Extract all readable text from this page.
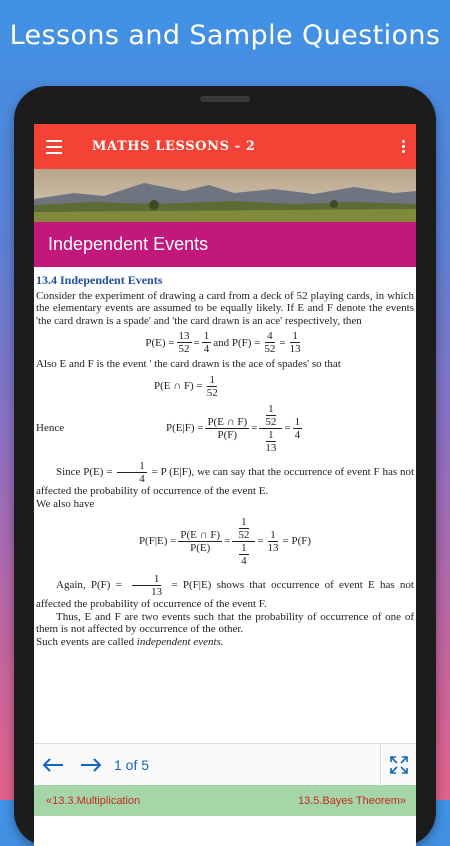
Lessons and Sample Questions
MATHS LESSONS - 2
Independent Events
13.4 Independent Events
Consider the experiment of drawing a card from a deck of 52 playing cards, in which the elementary events are assumed to be equally likely. If E and F denote the events 'the card drawn is a spade' and 'the card drawn is an ace' respectively, then
$P(E) = \frac{13}{52} = \frac{1}{4}$ and $P(F) = \frac{4}{52} = \frac{1}{13}$
Also E and F is the event ' the card drawn is the ace of spades' so that
P(E ∩ $F) = \frac{1}{52}$
Hence	$P(E|F) = \frac{P(E \cap F)}{P(F)} = \frac{\frac{1}{52}}{\frac{1}{13}} = \frac{1}{4}$
Since $P(E) = \frac{1}{4} = P$ (E|F), we can say that the occurrence of event F has not affected the probability of occurrence of the event E.
We also have
$P(F|E) = \frac{P(E \cap F)}{P(E)} = \frac{\frac{1}{52}}{\frac{1}{4}} = \frac{1}{13} = P(F)$
Again, $P(F) = \frac{1}{13} = P(F|E)$ shows that occurrence of event E has not affected the probability of occurrence of the event F.
Thus, E and F are two events such that the probability of occurrence of one of them is not affected by occurrence of the other.
Such events are called independent events.
1 of 5
«13.3.Multiplication	13.5.Bayes Theorem»
